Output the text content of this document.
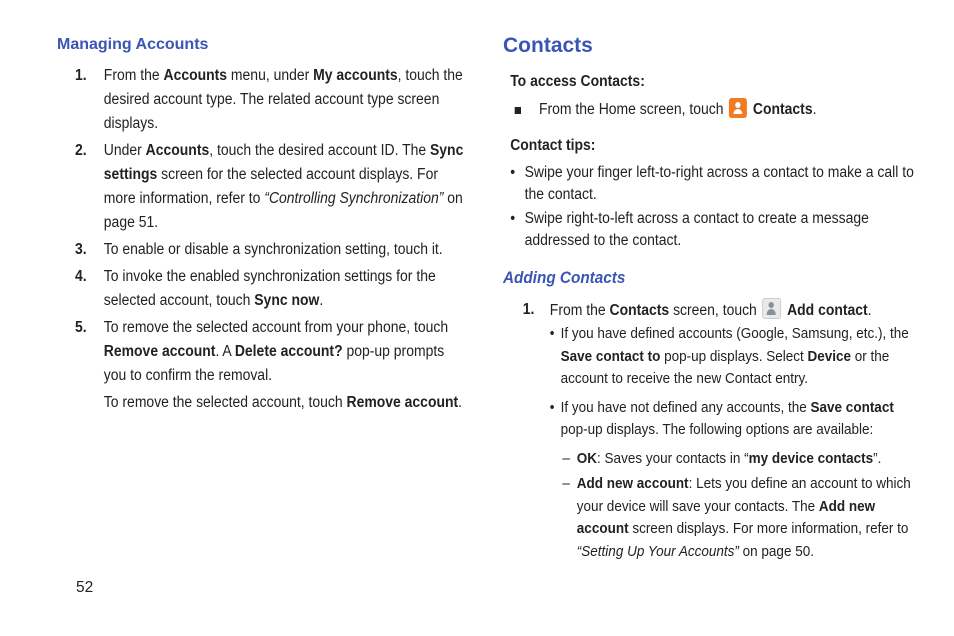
Managing Accounts
1. From the Accounts menu, under My accounts, touch the desired account type. The related account type screen displays.

2. Under Accounts, touch the desired account ID. The Sync settings screen for the selected account displays. For more information, refer to “Controlling Synchronization” on page 51.

3. To enable or disable a synchronization setting, touch it.

4. To invoke the enabled synchronization settings for the selected account, touch Sync now.

5. To remove the selected account from your phone, touch Remove account. A Delete account? pop-up prompts you to confirm the removal.

To remove the selected account, touch Remove account.

Contacts

To access Contacts:

From the Home screen, touch  Contacts.

Contact tips:

• Swipe your finger left-to-right across a contact to make a call to the contact.
• Swipe right-to-left across a contact to create a message addressed to the contact.
Adding Contacts
1. From the Contacts screen, touch  Add contact.
• If you have defined accounts (Google, Samsung, etc.), the Save contact to pop-up displays. Select Device or the account to receive the new Contact entry.
• If you have not defined any accounts, the Save contact pop-up displays. The following options are available:
– OK: Saves your contacts in “my device contacts”.
– Add new account: Lets you define an account to which your device will save your contacts. The Add new account screen displays. For more information, refer to “Setting Up Your Accounts” on page 50.
52
